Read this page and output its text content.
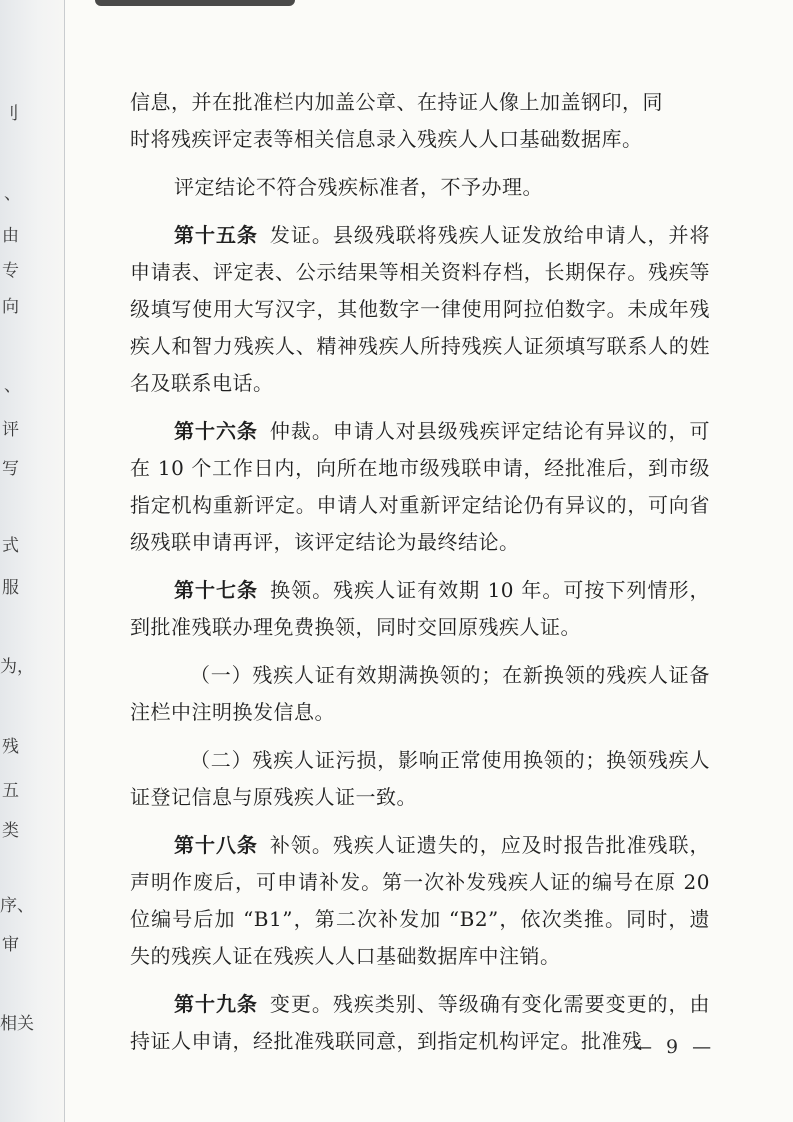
刂
、
由
专
向
、
评
写
式
服
为，
残
五
类
序、
审
相关

信息，并在批准栏内加盖公章、在持证人像上加盖钢印，同
时将残疾评定表等相关信息录入残疾人人口基础数据库。

评定结论不符合残疾标准者，不予办理。

第十五条 发证。县级残联将残疾人证发放给申请人，并将申请表、评定表、公示结果等相关资料存档，长期保存。残疾等级填写使用大写汉字，其他数字一律使用阿拉伯数字。未成年残疾人和智力残疾人、精神残疾人所持残疾人证须填写联系人的姓名及联系电话。

第十六条 仲裁。申请人对县级残疾评定结论有异议的，可在 10 个工作日内，向所在地市级残联申请，经批准后，到市级指定机构重新评定。申请人对重新评定结论仍有异议的，可向省级残联申请再评，该评定结论为最终结论。

第十七条 换领。残疾人证有效期 10 年。可按下列情形，到批准残联办理免费换领，同时交回原残疾人证。

（一）残疾人证有效期满换领的；在新换领的残疾人证备注栏中注明换发信息。

（二）残疾人证污损，影响正常使用换领的；换领残疾人证登记信息与原残疾人证一致。

第十八条 补领。残疾人证遗失的，应及时报告批准残联，声明作废后，可申请补发。第一次补发残疾人证的编号在原 20 位编号后加 “B1”，第二次补发加 “B2”，依次类推。同时，遗失的残疾人证在残疾人人口基础数据库中注销。

第十九条 变更。残疾类别、等级确有变化需要变更的，由持证人申请，经批准残联同意，到指定机构评定。批准残

— 9 —
